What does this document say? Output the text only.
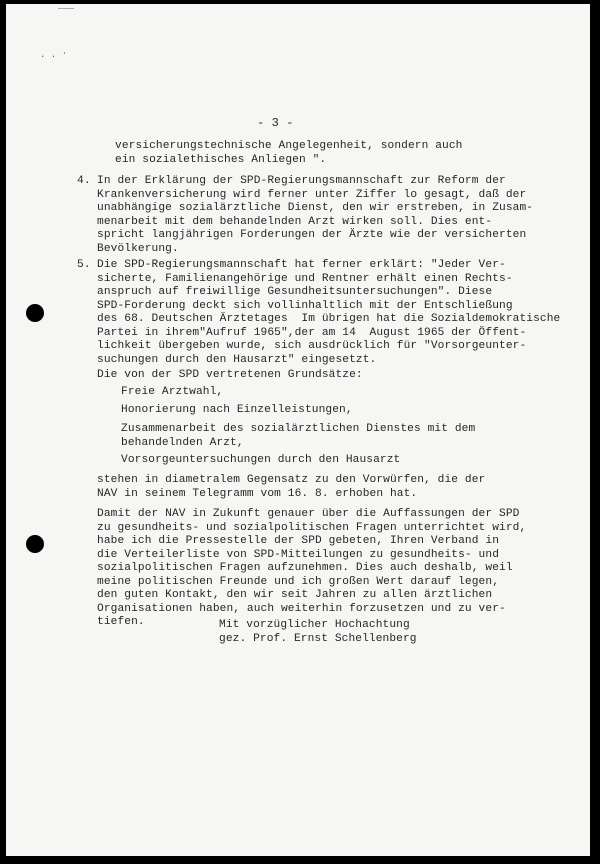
· · ʼ
‾‾‾
- 3 -
versicherungstechnische Angelegenheit, sondern auch
ein sozialethisches Anliegen ".
4. In der Erklärung der SPD-Regierungsmannschaft zur Reform der
Krankenversicherung wird ferner unter Ziffer lo gesagt, daß der
unabhängige sozialärztliche Dienst, den wir erstreben, in Zusam-
menarbeit mit dem behandelnden Arzt wirken soll. Dies ent-
spricht langjährigen Forderungen der Ärzte wie der versicherten
Bevölkerung.
5. Die SPD-Regierungsmannschaft hat ferner erklärt: "Jeder Ver-
sicherte, Familienangehörige und Rentner erhält einen Rechts-
anspruch auf freiwillige Gesundheitsuntersuchungen". Diese
SPD-Forderung deckt sich vollinhaltlich mit der Entschließung
des 68. Deutschen Ärztetages  Im übrigen hat die Sozialdemokratische
Partei in ihrem"Aufruf 1965",der am 14  August 1965 der Öffent-
lichkeit übergeben wurde, sich ausdrücklich für "Vorsorgeunter-
suchungen durch den Hausarzt" eingesetzt.
Die von der SPD vertretenen Grundsätze:
Freie Arztwahl,
Honorierung nach Einzelleistungen,
Zusammenarbeit des sozialärztlichen Dienstes mit dem
behandelnden Arzt,
Vorsorgeuntersuchungen durch den Hausarzt
stehen in diametralem Gegensatz zu den Vorwürfen, die der
NAV in seinem Telegramm vom 16. 8. erhoben hat.
Damit der NAV in Zukunft genauer über die Auffassungen der SPD
zu gesundheits- und sozialpolitischen Fragen unterrichtet wird,
habe ich die Pressestelle der SPD gebeten, Ihren Verband in
die Verteilerliste von SPD-Mitteilungen zu gesundheits- und
sozialpolitischen Fragen aufzunehmen. Dies auch deshalb, weil
meine politischen Freunde und ich großen Wert darauf legen,
den guten Kontakt, den wir seit Jahren zu allen ärztlichen
Organisationen haben, auch weiterhin forzusetzen und zu ver-
tiefen.	Mit vorzüglicher Hochachtung
gez. Prof. Ernst Schellenberg
